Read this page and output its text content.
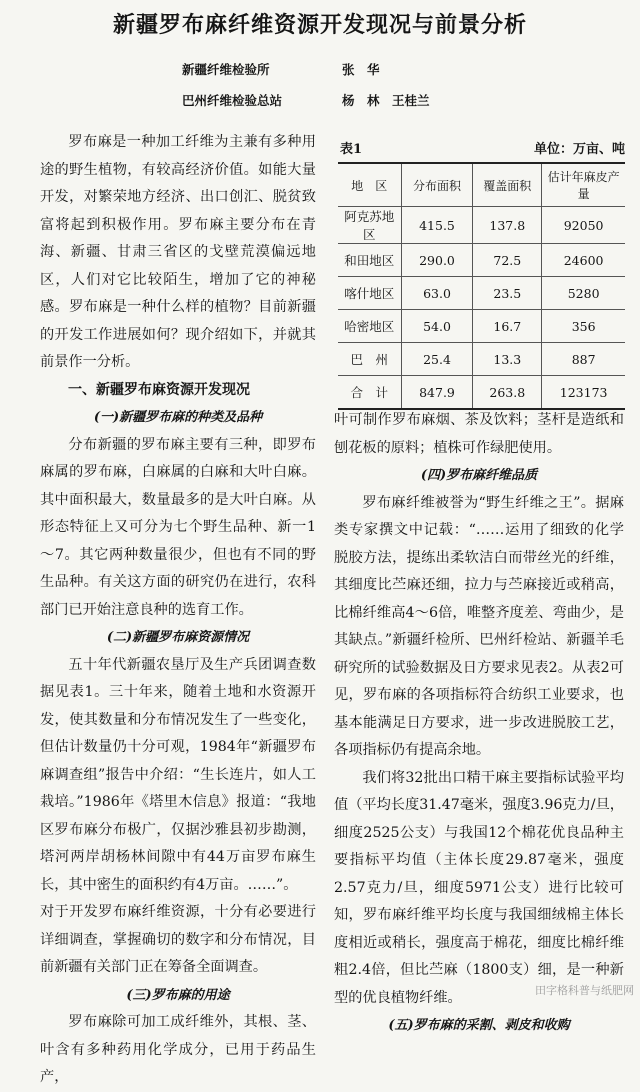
新疆罗布麻纤维资源开发现况与前景分析
新疆纤维检验所	张　华
巴州纤维检验总站	杨　林　王桂兰

罗布麻是一种加工纤维为主兼有多种用途的野生植物，有较高经济价值。如能大量开发，对繁荣地方经济、出口创汇、脱贫致富将起到积极作用。罗布麻主要分布在青海、新疆、甘肃三省区的戈壁荒漠偏远地区，人们对它比较陌生，增加了它的神秘感。罗布麻是一种什么样的植物？目前新疆的开发工作进展如何？现介绍如下，并就其前景作一分析。

一、新疆罗布麻资源开发现况
(一)新疆罗布麻的种类及品种

分布新疆的罗布麻主要有三种，即罗布麻属的罗布麻，白麻属的白麻和大叶白麻。其中面积最大，数量最多的是大叶白麻。从形态特征上又可分为七个野生品种、新一1～7。其它两种数量很少，但也有不同的野生品种。有关这方面的研究仍在进行，农科部门已开始注意良种的选育工作。

(二)新疆罗布麻资源情况

五十年代新疆农垦厅及生产兵团调查数据见表1。三十年来，随着土地和水资源开发，使其数量和分布情况发生了一些变化，但估计数量仍十分可观，1984年“新疆罗布麻调查组”报告中介绍：“生长连片，如人工栽培。”1986年《塔里木信息》报道：“我地区罗布麻分布极广，仅据沙雅县初步勘测，塔河两岸胡杨林间隙中有44万亩罗布麻生长，其中密生的面积约有4万亩。……”。

对于开发罗布麻纤维资源，十分有必要进行详细调查，掌握确切的数字和分布情况，目前新疆有关部门正在筹备全面调查。

(三)罗布麻的用途

罗布麻除可加工成纤维外，其根、茎、叶含有多种药用化学成分，已用于药品生产，

表1	单位：万亩、吨
地　区	分布面积	覆盖面积	估计年麻皮产量
阿克苏地区	415.5	137.8	92050
和田地区	290.0	72.5	24600
喀什地区	63.0	23.5	5280
哈密地区	54.0	16.7	356
巴　州	25.4	13.3	887
合　计	847.9	263.8	123173

叶可制作罗布麻烟、茶及饮料；茎杆是造纸和刨花板的原料；植株可作绿肥使用。

(四)罗布麻纤维品质

罗布麻纤维被誉为“野生纤维之王”。据麻类专家撰文中记载：“……运用了细致的化学脱胶方法，提练出柔软洁白而带丝光的纤维，其细度比苎麻还细，拉力与苎麻接近或稍高，比棉纤维高4～6倍，唯整齐度差、弯曲少，是其缺点。”新疆纤检所、巴州纤检站、新疆羊毛研究所的试验数据及日方要求见表2。从表2可见，罗布麻的各项指标符合纺织工业要求，也基本能满足日方要求，进一步改进脱胶工艺，各项指标仍有提高余地。

我们将32批出口精干麻主要指标试验平均值（平均长度31.47毫米，强度3.96克力/旦，细度2525公支）与我国12个棉花优良品种主要指标平均值（主体长度29.87毫米，强度2.57克力/旦，细度5971公支）进行比较可知，罗布麻纤维平均长度与我国细绒棉主体长度相近或稍长，强度高于棉花，细度比棉纤维粗2.4倍，但比苎麻（1800支）细，是一种新型的优良植物纤维。

(五)罗布麻的采割、剥皮和收购
田字格科普与纸肥网
